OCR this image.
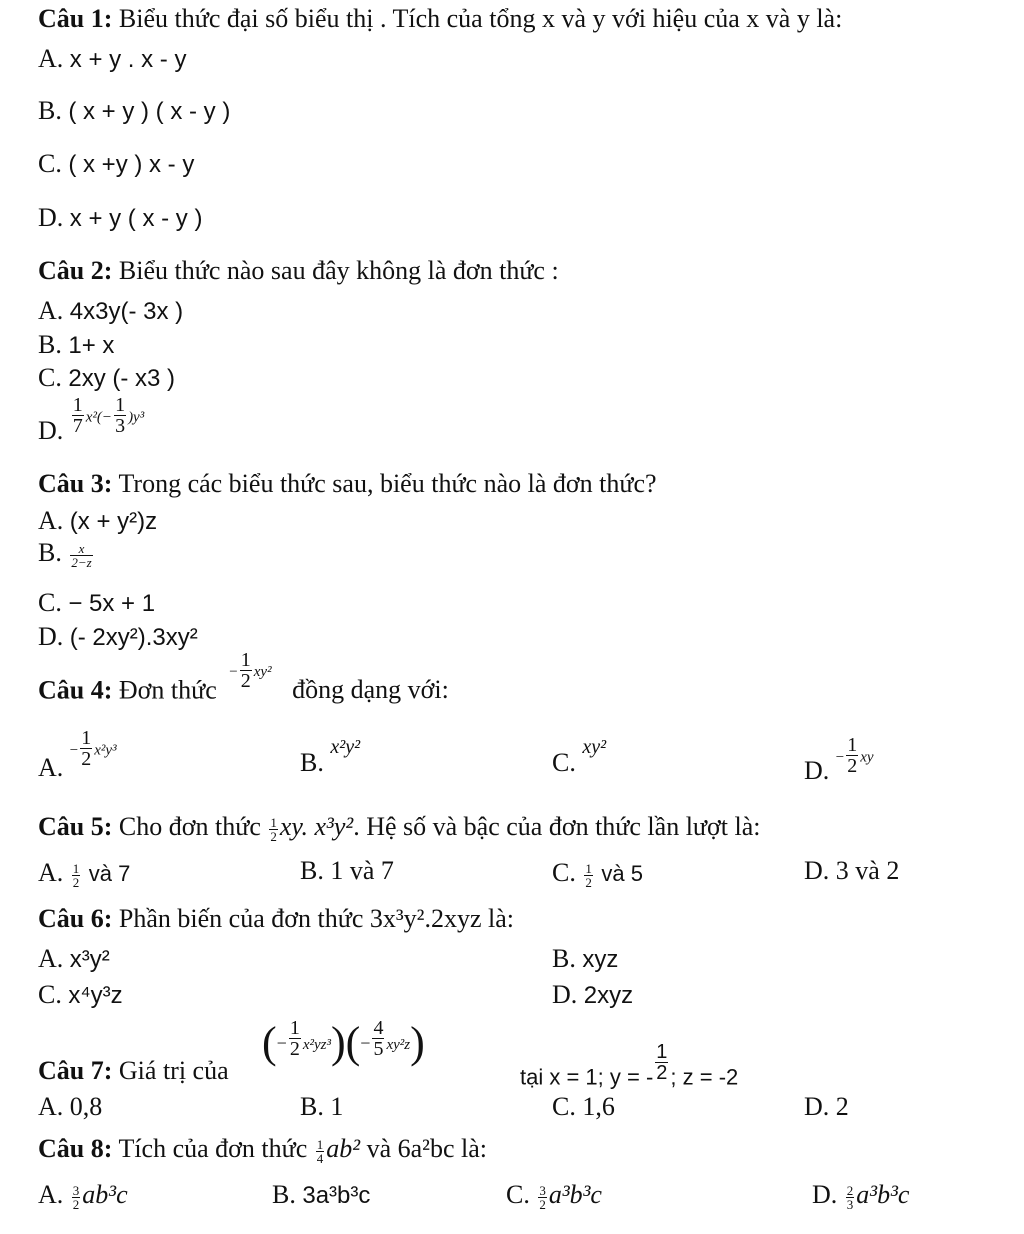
Câu 1: Biểu thức đại số biểu thị . Tích của tổng x và y với hiệu của x và y là:
A. x + y . x - y
B. ( x + y ) ( x - y )
C. ( x +y ) x - y
D. x + y ( x - y )
Câu 2: Biểu thức nào sau đây không là đơn thức :
A. 4x3y(- 3x )
B. 1+ x
C. 2xy (- x3 )
D. $\frac{1}{7} x^2(- \frac{1}{3} )y^3$
Câu 3: Trong các biểu thức sau, biểu thức nào là đơn thức?
A. (x + y²)z
B. $\frac{x}{2-z}$
C. − 5x + 1
D. (- 2xy²).3xy²
Câu 4: Đơn thức − $\frac{1}{2} xy^2$ đồng dạng với:
A. − $\frac{1}{2} x^2y^3$	B. x²y²
C. xy²
D. − $\frac{1}{2}$ xy
Câu 5: Cho đơn thức $\frac{1}{2}$ xy. x³y². Hệ số và bậc của đơn thức lần lượt là:
A. $\frac{1}{2}$ và 7	B. 1 và 7	C. $\frac{1}{2}$ và 5	D. 3 và 2
Câu 6: Phần biến của đơn thức 3x³y².2xyz là:
A. x³y²	B. xyz
C. x⁴y³z	D. 2xyz
Câu 7: Giá trị của
(− $\frac{1}{2} x^2yz^3)(- \frac{4}{5} xy^2z)$
tại x = 1; y = - $\frac{1}{2}$ ; z = -2
A. 0,8	B. 1	C. 1,6	D. 2
Câu 8: Tích của đơn thức $\frac{1}{4} ab^2$ và 6a²bc là:
A. $\frac{3}{2} ab^3c$	B. 3a³b³c	C. $\frac{3}{2} a^3b^3c$	D. $\frac{2}{3} a^3b^3c$
